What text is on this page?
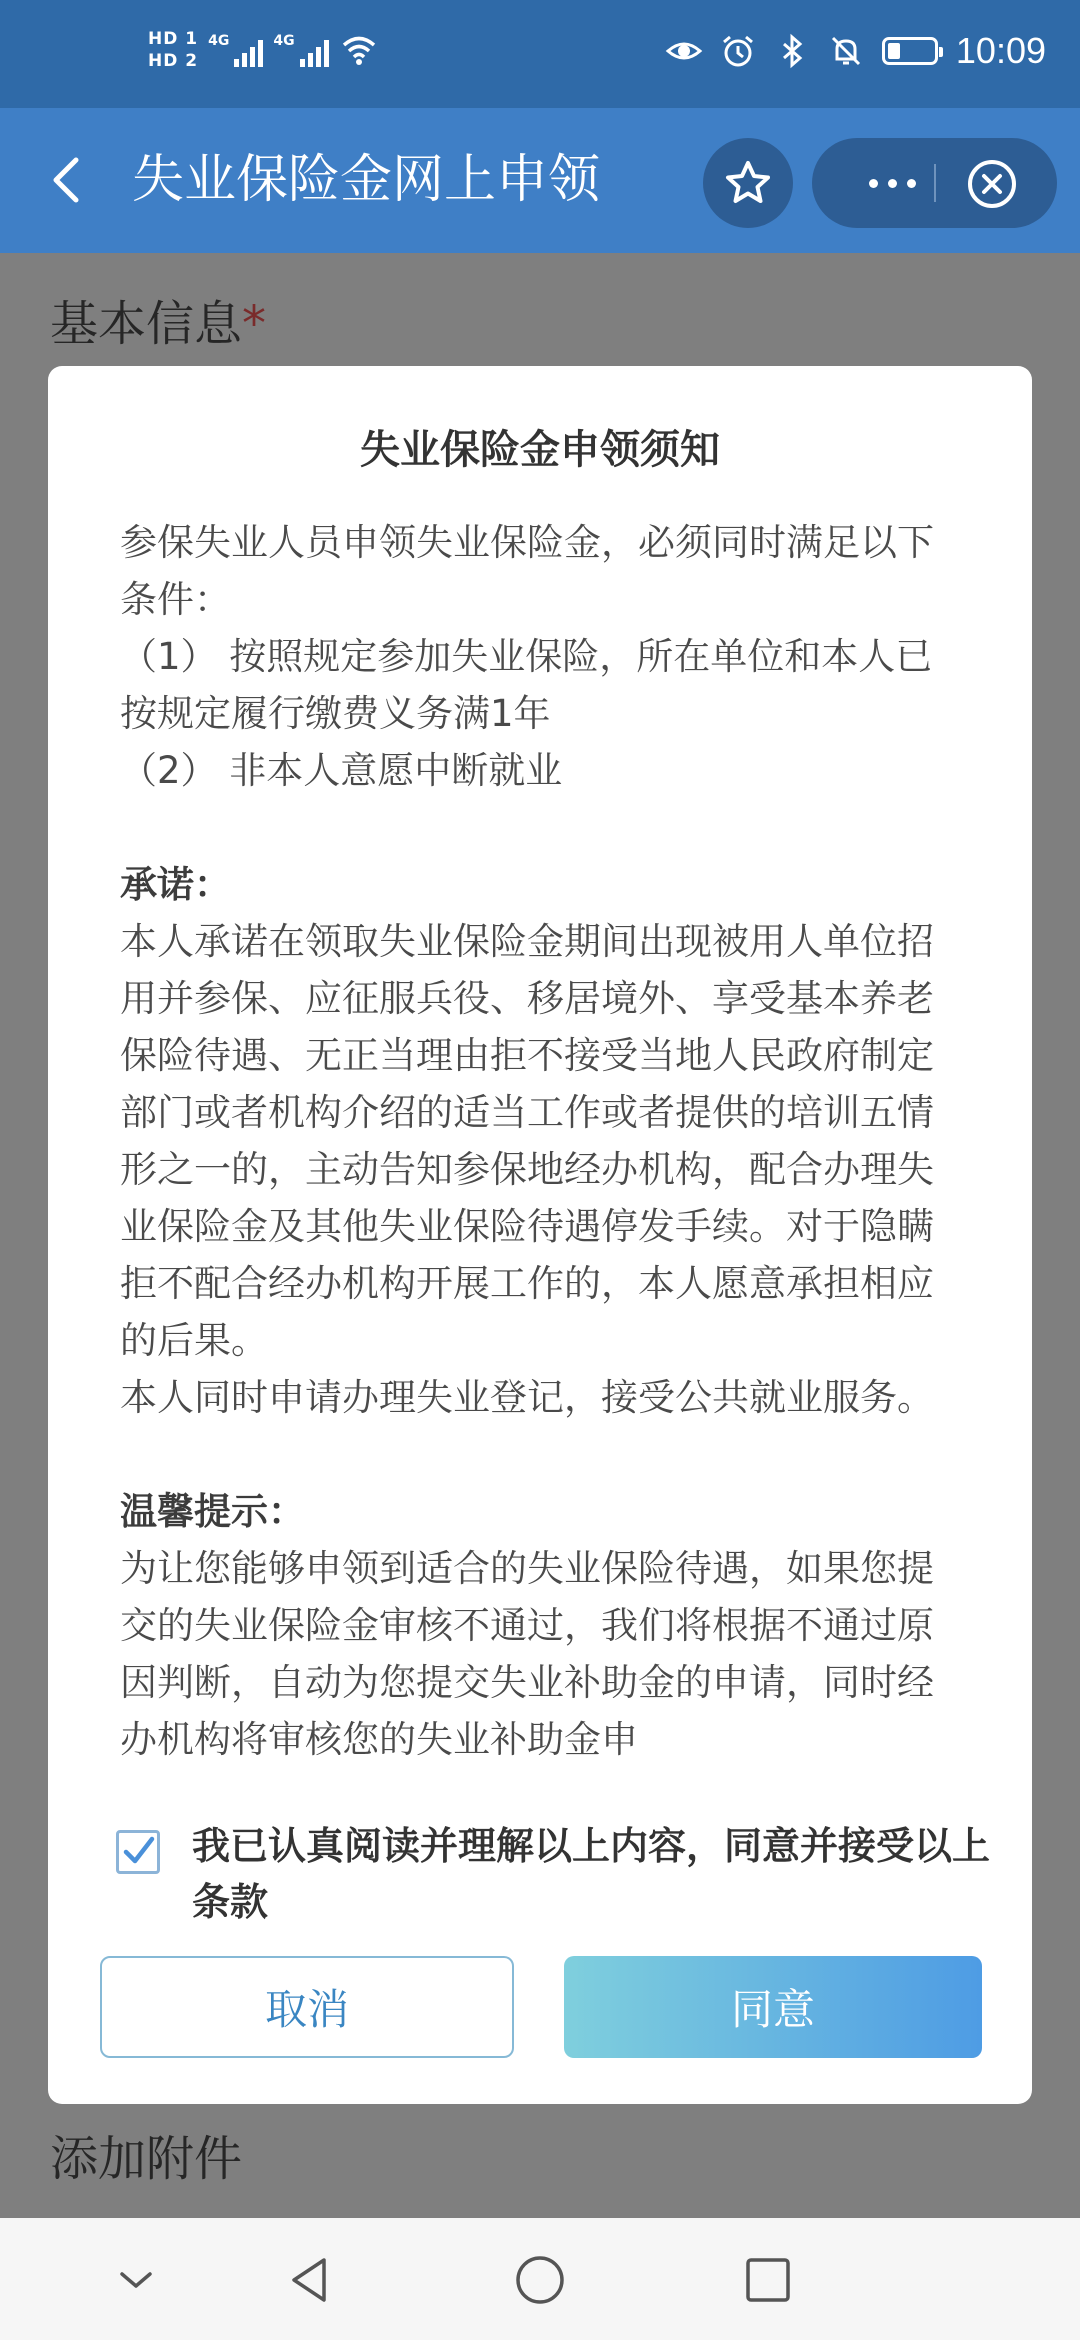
HD 1
HD 2
4G	4G	10:09
失业保险金网上申领
基本信息*
添加附件
失业保险金申领须知

参保失业人员申领失业保险金，必须同时满足以下条件：

（1） 按照规定参加失业保险，所在单位和本人已按规定履行缴费义务满1年

（2） 非本人意愿中断就业

承诺：

本人承诺在领取失业保险金期间出现被用人单位招用并参保、应征服兵役、移居境外、享受基本养老保险待遇、无正当理由拒不接受当地人民政府制定部门或者机构介绍的适当工作或者提供的培训五情形之一的，主动告知参保地经办机构，配合办理失业保险金及其他失业保险待遇停发手续。对于隐瞒拒不配合经办机构开展工作的，本人愿意承担相应的后果。

本人同时申请办理失业登记，接受公共就业服务。

温馨提示：

为让您能够申领到适合的失业保险待遇，如果您提交的失业保险金审核不通过，我们将根据不通过原因判断，自动为您提交失业补助金的申请，同时经办机构将审核您的失业补助金申

我已认真阅读并理解以上内容，同意并接受以上条款
取消	同意
